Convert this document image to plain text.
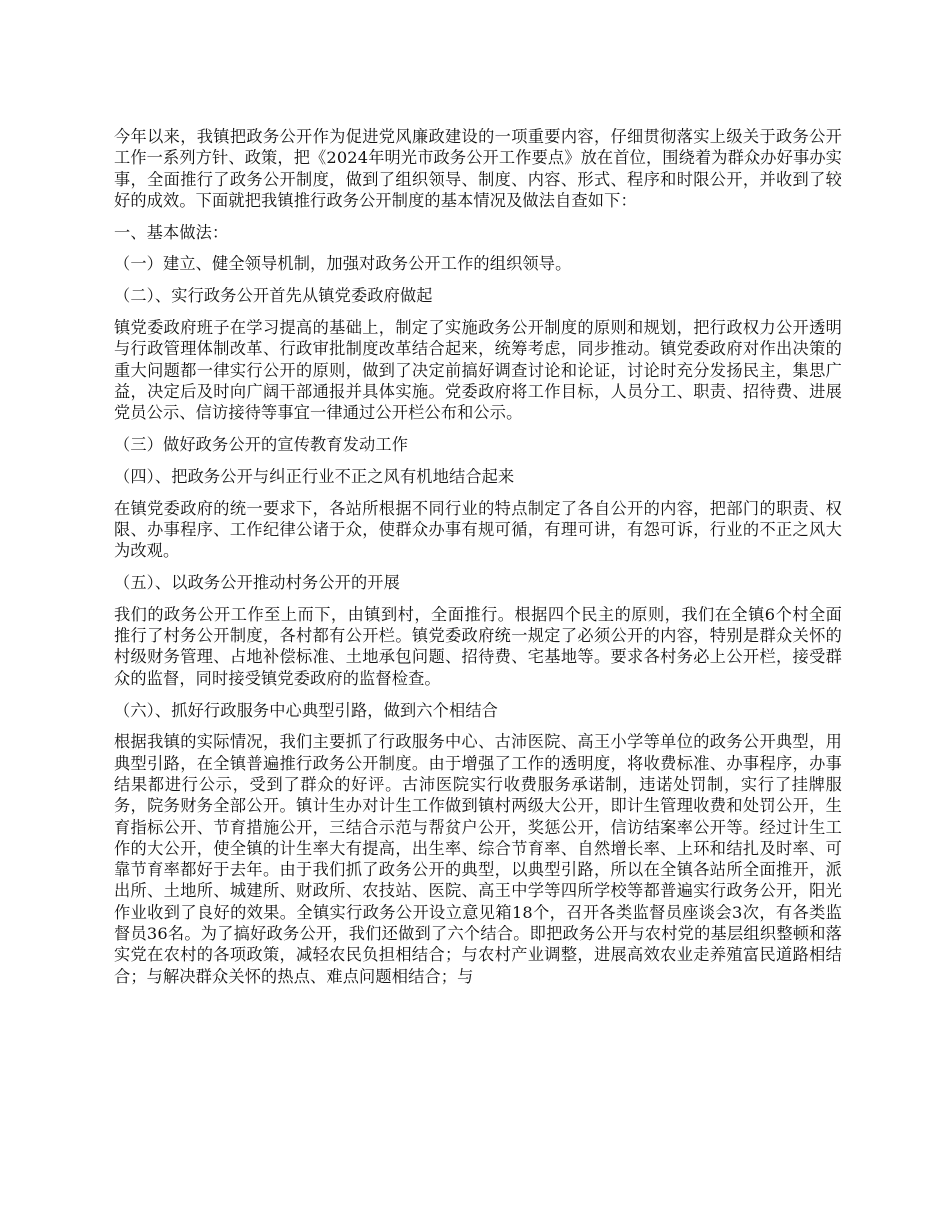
今年以来，我镇把政务公开作为促进党风廉政建设的一项重要内容，仔细贯彻落实上级关于政务公开工作一系列方针、政策，把《2024年明光市政务公开工作要点》放在首位，围绕着为群众办好事办实事，全面推行了政务公开制度，做到了组织领导、制度、内容、形式、程序和时限公开，并收到了较好的成效。下面就把我镇推行政务公开制度的基本情况及做法自查如下：

一、基本做法：

（一）建立、健全领导机制，加强对政务公开工作的组织领导。

（二）、实行政务公开首先从镇党委政府做起

镇党委政府班子在学习提高的基础上，制定了实施政务公开制度的原则和规划，把行政权力公开透明与行政管理体制改革、行政审批制度改革结合起来，统筹考虑，同步推动。镇党委政府对作出决策的重大问题都一律实行公开的原则，做到了决定前搞好调查讨论和论证，讨论时充分发扬民主，集思广益，决定后及时向广阔干部通报并具体实施。党委政府将工作目标，人员分工、职责、招待费、进展党员公示、信访接待等事宜一律通过公开栏公布和公示。

（三）做好政务公开的宣传教育发动工作

（四）、把政务公开与纠正行业不正之风有机地结合起来

在镇党委政府的统一要求下，各站所根据不同行业的特点制定了各自公开的内容，把部门的职责、权限、办事程序、工作纪律公诸于众，使群众办事有规可循，有理可讲，有怨可诉，行业的不正之风大为改观。

（五）、以政务公开推动村务公开的开展

我们的政务公开工作至上而下，由镇到村，全面推行。根据四个民主的原则，我们在全镇6个村全面推行了村务公开制度，各村都有公开栏。镇党委政府统一规定了必须公开的内容，特别是群众关怀的村级财务管理、占地补偿标准、土地承包问题、招待费、宅基地等。要求各村务必上公开栏，接受群众的监督，同时接受镇党委政府的监督检查。

（六）、抓好行政服务中心典型引路，做到六个相结合

根据我镇的实际情况，我们主要抓了行政服务中心、古沛医院、高王小学等单位的政务公开典型，用典型引路，在全镇普遍推行政务公开制度。由于增强了工作的透明度，将收费标准、办事程序，办事结果都进行公示，受到了群众的好评。古沛医院实行收费服务承诺制，违诺处罚制，实行了挂牌服务，院务财务全部公开。镇计生办对计生工作做到镇村两级大公开，即计生管理收费和处罚公开，生育指标公开、节育措施公开，三结合示范与帮贫户公开，奖惩公开，信访结案率公开等。经过计生工作的大公开，使全镇的计生率大有提高，出生率、综合节育率、自然增长率、上环和结扎及时率、可靠节育率都好于去年。由于我们抓了政务公开的典型，以典型引路，所以在全镇各站所全面推开，派出所、土地所、城建所、财政所、农技站、医院、高王中学等四所学校等都普遍实行政务公开，阳光作业收到了良好的效果。全镇实行政务公开设立意见箱18个，召开各类监督员座谈会3次，有各类监督员36名。为了搞好政务公开，我们还做到了六个结合。即把政务公开与农村党的基层组织整顿和落实党在农村的各项政策，减轻农民负担相结合；与农村产业调整，进展高效农业走养殖富民道路相结合；与解决群众关怀的热点、难点问题相结合；与
